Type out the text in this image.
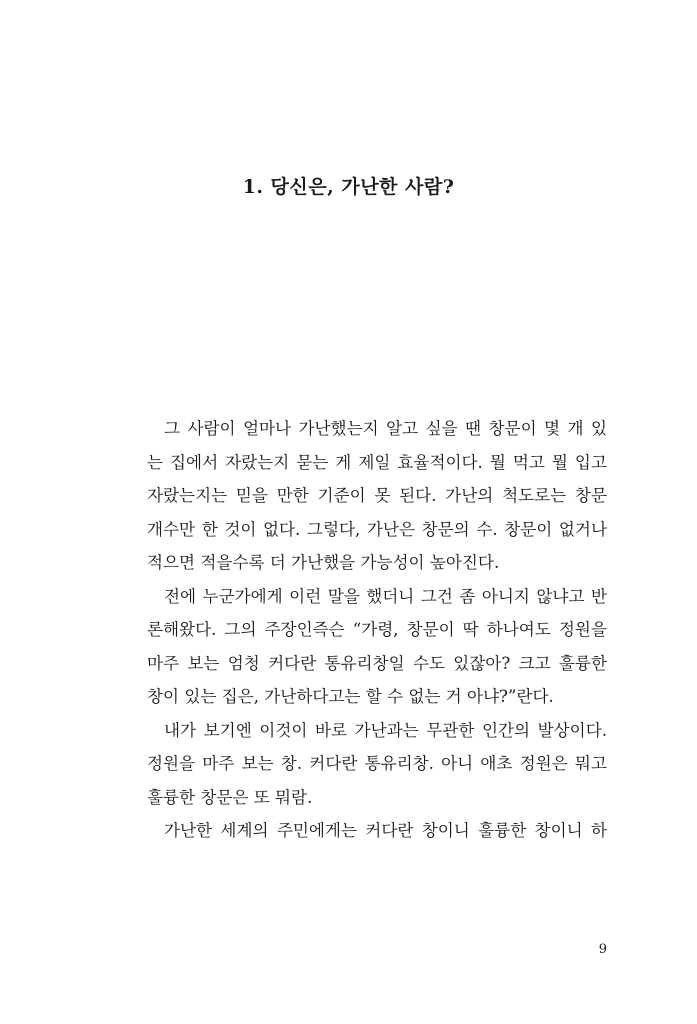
1. 당신은, 가난한 사람?
그 사람이 얼마나 가난했는지 알고 싶을 땐 창문이 몇 개 있
는 집에서 자랐는지 묻는 게 제일 효율적이다. 뭘 먹고 뭘 입고
자랐는지는 믿을 만한 기준이 못 된다. 가난의 척도로는 창문
개수만 한 것이 없다. 그렇다, 가난은 창문의 수. 창문이 없거나
적으면 적을수록 더 가난했을 가능성이 높아진다.
전에 누군가에게 이런 말을 했더니 그건 좀 아니지 않냐고 반
론해왔다. 그의 주장인즉슨 “가령, 창문이 딱 하나여도 정원을
마주 보는 엄청 커다란 통유리창일 수도 있잖아? 크고 훌륭한
창이 있는 집은, 가난하다고는 할 수 없는 거 아냐?”란다.
내가 보기엔 이것이 바로 가난과는 무관한 인간의 발상이다.
정원을 마주 보는 창. 커다란 통유리창. 아니 애초 정원은 뭐고
훌륭한 창문은 또 뭐람.
가난한 세계의 주민에게는 커다란 창이니 훌륭한 창이니 하
9
